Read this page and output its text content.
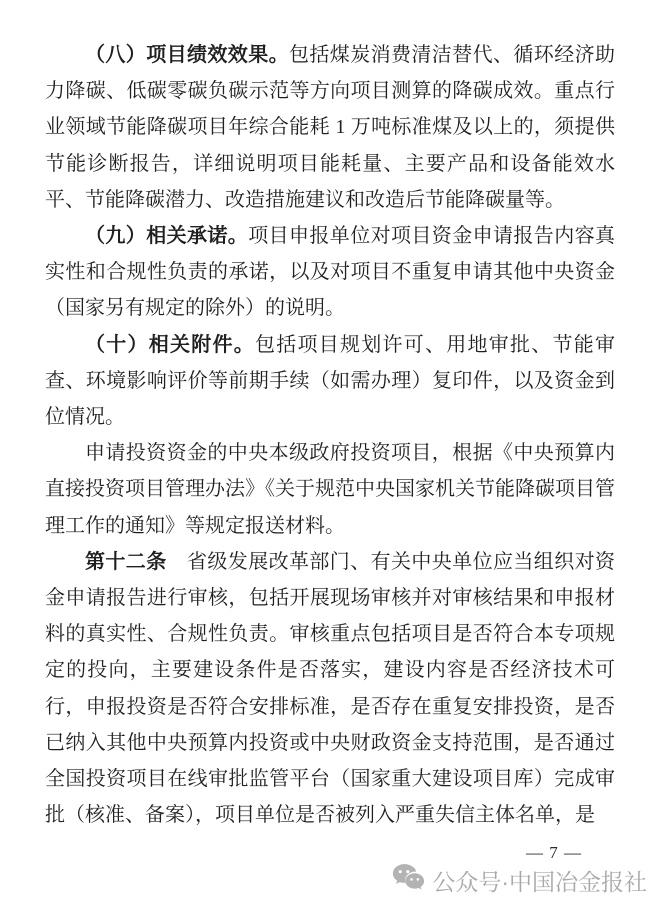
（八）项目绩效效果。包括煤炭消费清洁替代、循环经济助力降碳、低碳零碳负碳示范等方向项目测算的降碳成效。重点行业领域节能降碳项目年综合能耗 1 万吨标准煤及以上的，须提供节能诊断报告，详细说明项目能耗量、主要产品和设备能效水平、节能降碳潜力、改造措施建议和改造后节能降碳量等。

（九）相关承诺。项目申报单位对项目资金申请报告内容真实性和合规性负责的承诺，以及对项目不重复申请其他中央资金（国家另有规定的除外）的说明。

（十）相关附件。包括项目规划许可、用地审批、节能审查、环境影响评价等前期手续（如需办理）复印件，以及资金到位情况。

申请投资资金的中央本级政府投资项目，根据《中央预算内直接投资项目管理办法》《关于规范中央国家机关节能降碳项目管理工作的通知》等规定报送材料。

第十二条　省级发展改革部门、有关中央单位应当组织对资金申请报告进行审核，包括开展现场审核并对审核结果和申报材料的真实性、合规性负责。审核重点包括项目是否符合本专项规定的投向，主要建设条件是否落实，建设内容是否经济技术可行，申报投资是否符合安排标准，是否存在重复安排投资，是否已纳入其他中央预算内投资或中央财政资金支持范围，是否通过全国投资项目在线审批监管平台（国家重大建设项目库）完成审批（核准、备案），项目单位是否被列入严重失信主体名单，是

— 7 —
公众号·中国冶金报社
